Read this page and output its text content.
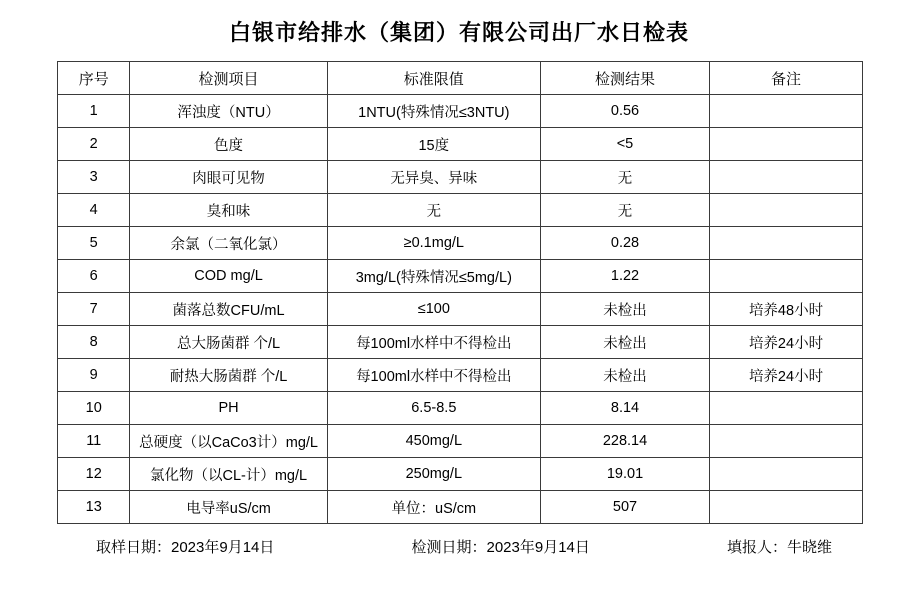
白银市给排水（集团）有限公司出厂水日检表
序号	检测项目	标准限值	检测结果	备注
1	浑浊度（NTU）	1NTU(特殊情况≤3NTU)	0.56	
2	色度	15度	<5	
3	肉眼可见物	无异臭、异味	无	
4	臭和味	无	无	
5	余氯（二氧化氯）	≥0.1mg/L	0.28	
6	COD mg/L	3mg/L(特殊情况≤5mg/L)	1.22	
7	菌落总数CFU/mL	≤100	未检出	培养48小时
8	总大肠菌群 个/L	每100ml水样中不得检出	未检出	培养24小时
9	耐热大肠菌群 个/L	每100ml水样中不得检出	未检出	培养24小时
10	PH	6.5-8.5	8.14	
11	总硬度（以CaCo3计）mg/L	450mg/L	228.14	
12	氯化物（以CL-计）mg/L	250mg/L	19.01	
13	电导率uS/cm	单位：uS/cm	507	
取样日期：2023年9月14日	检测日期：2023年9月14日	填报人：牛晓维
